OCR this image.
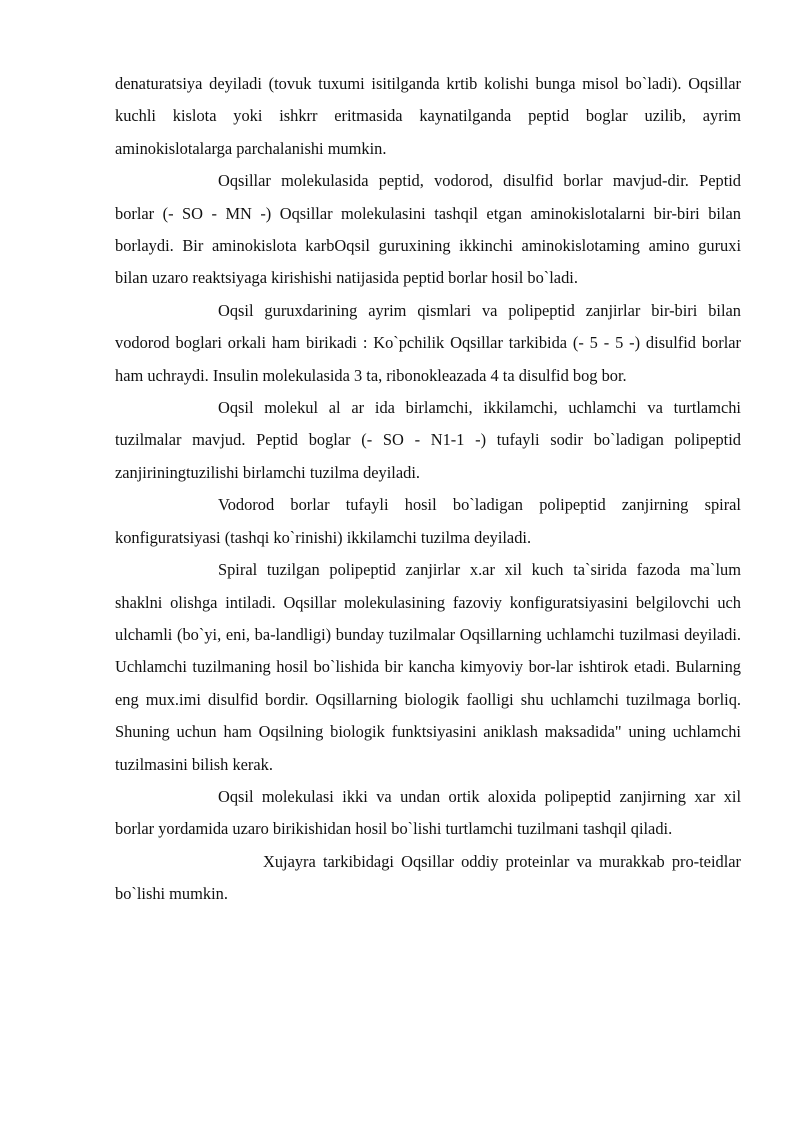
denaturatsiya deyiladi (tovuk tuxumi isitilganda krtib kolishi bunga misol bo`ladi). Oqsillar kuchli kislota yoki ishkrr eritmasida kaynatilganda peptid boglar uzilib, ayrim aminokislotalarga parchalanishi mumkin.

Oqsillar molekulasida peptid, vodorod, disulfid borlar mavjud-dir. Peptid borlar (- SO - MN -) Oqsillar molekulasini tashqil etgan aminokislotalarni bir-biri bilan borlaydi. Bir aminokislota karbOqsil guruxining ikkinchi aminokislotaming amino guruxi bilan uzaro reaktsiyaga kirishishi natijasida peptid borlar hosil bo`ladi.

Oqsil guruxdarining ayrim qismlari va polipeptid zanjirlar bir-biri bilan vodorod boglari orkali ham birikadi : Ko`pchilik Oqsillar tarkibida (- 5 - 5 -) disulfid borlar ham uchraydi. Insulin molekulasida 3 ta, ribonokleazada 4 ta disulfid bog bor.

Oqsil molekul al ar ida birlamchi, ikkilamchi, uchlamchi va turtlamchi tuzilmalar mavjud. Peptid boglar (- SO - N1-1 -) tufayli sodir bo`ladigan polipeptid zanjiriningtuzilishi birlamchi tuzilma deyiladi.

Vodorod borlar tufayli hosil bo`ladigan polipeptid zanjirning spiral konfiguratsiyasi (tashqi ko`rinishi) ikkilamchi tuzilma deyiladi.

Spiral tuzilgan polipeptid zanjirlar x.ar xil kuch ta`sirida fazoda ma`lum shaklni olishga intiladi. Oqsillar molekulasining fazoviy konfiguratsiyasini belgilovchi uch ulchamli (bo`yi, eni, ba-landligi) bunday tuzilmalar Oqsillarning uchlamchi tuzilmasi deyiladi. Uchlamchi tuzilmaning hosil bo`lishida bir kancha kimyoviy bor-lar ishtirok etadi. Bularning eng mux.imi disulfid bordir. Oqsillarning biologik faolligi shu uchlamchi tuzilmaga borliq. Shuning uchun ham Oqsilning biologik funktsiyasini aniklash maksadida" uning uchlamchi tuzilmasini bilish kerak.

Oqsil molekulasi ikki va undan ortik aloxida polipeptid zanjirning xar xil borlar yordamida uzaro birikishidan hosil bo`lishi turtlamchi tuzilmani tashqil qiladi.

Xujayra tarkibidagi Oqsillar oddiy proteinlar va murakkab pro-teidlar bo`lishi mumkin.
